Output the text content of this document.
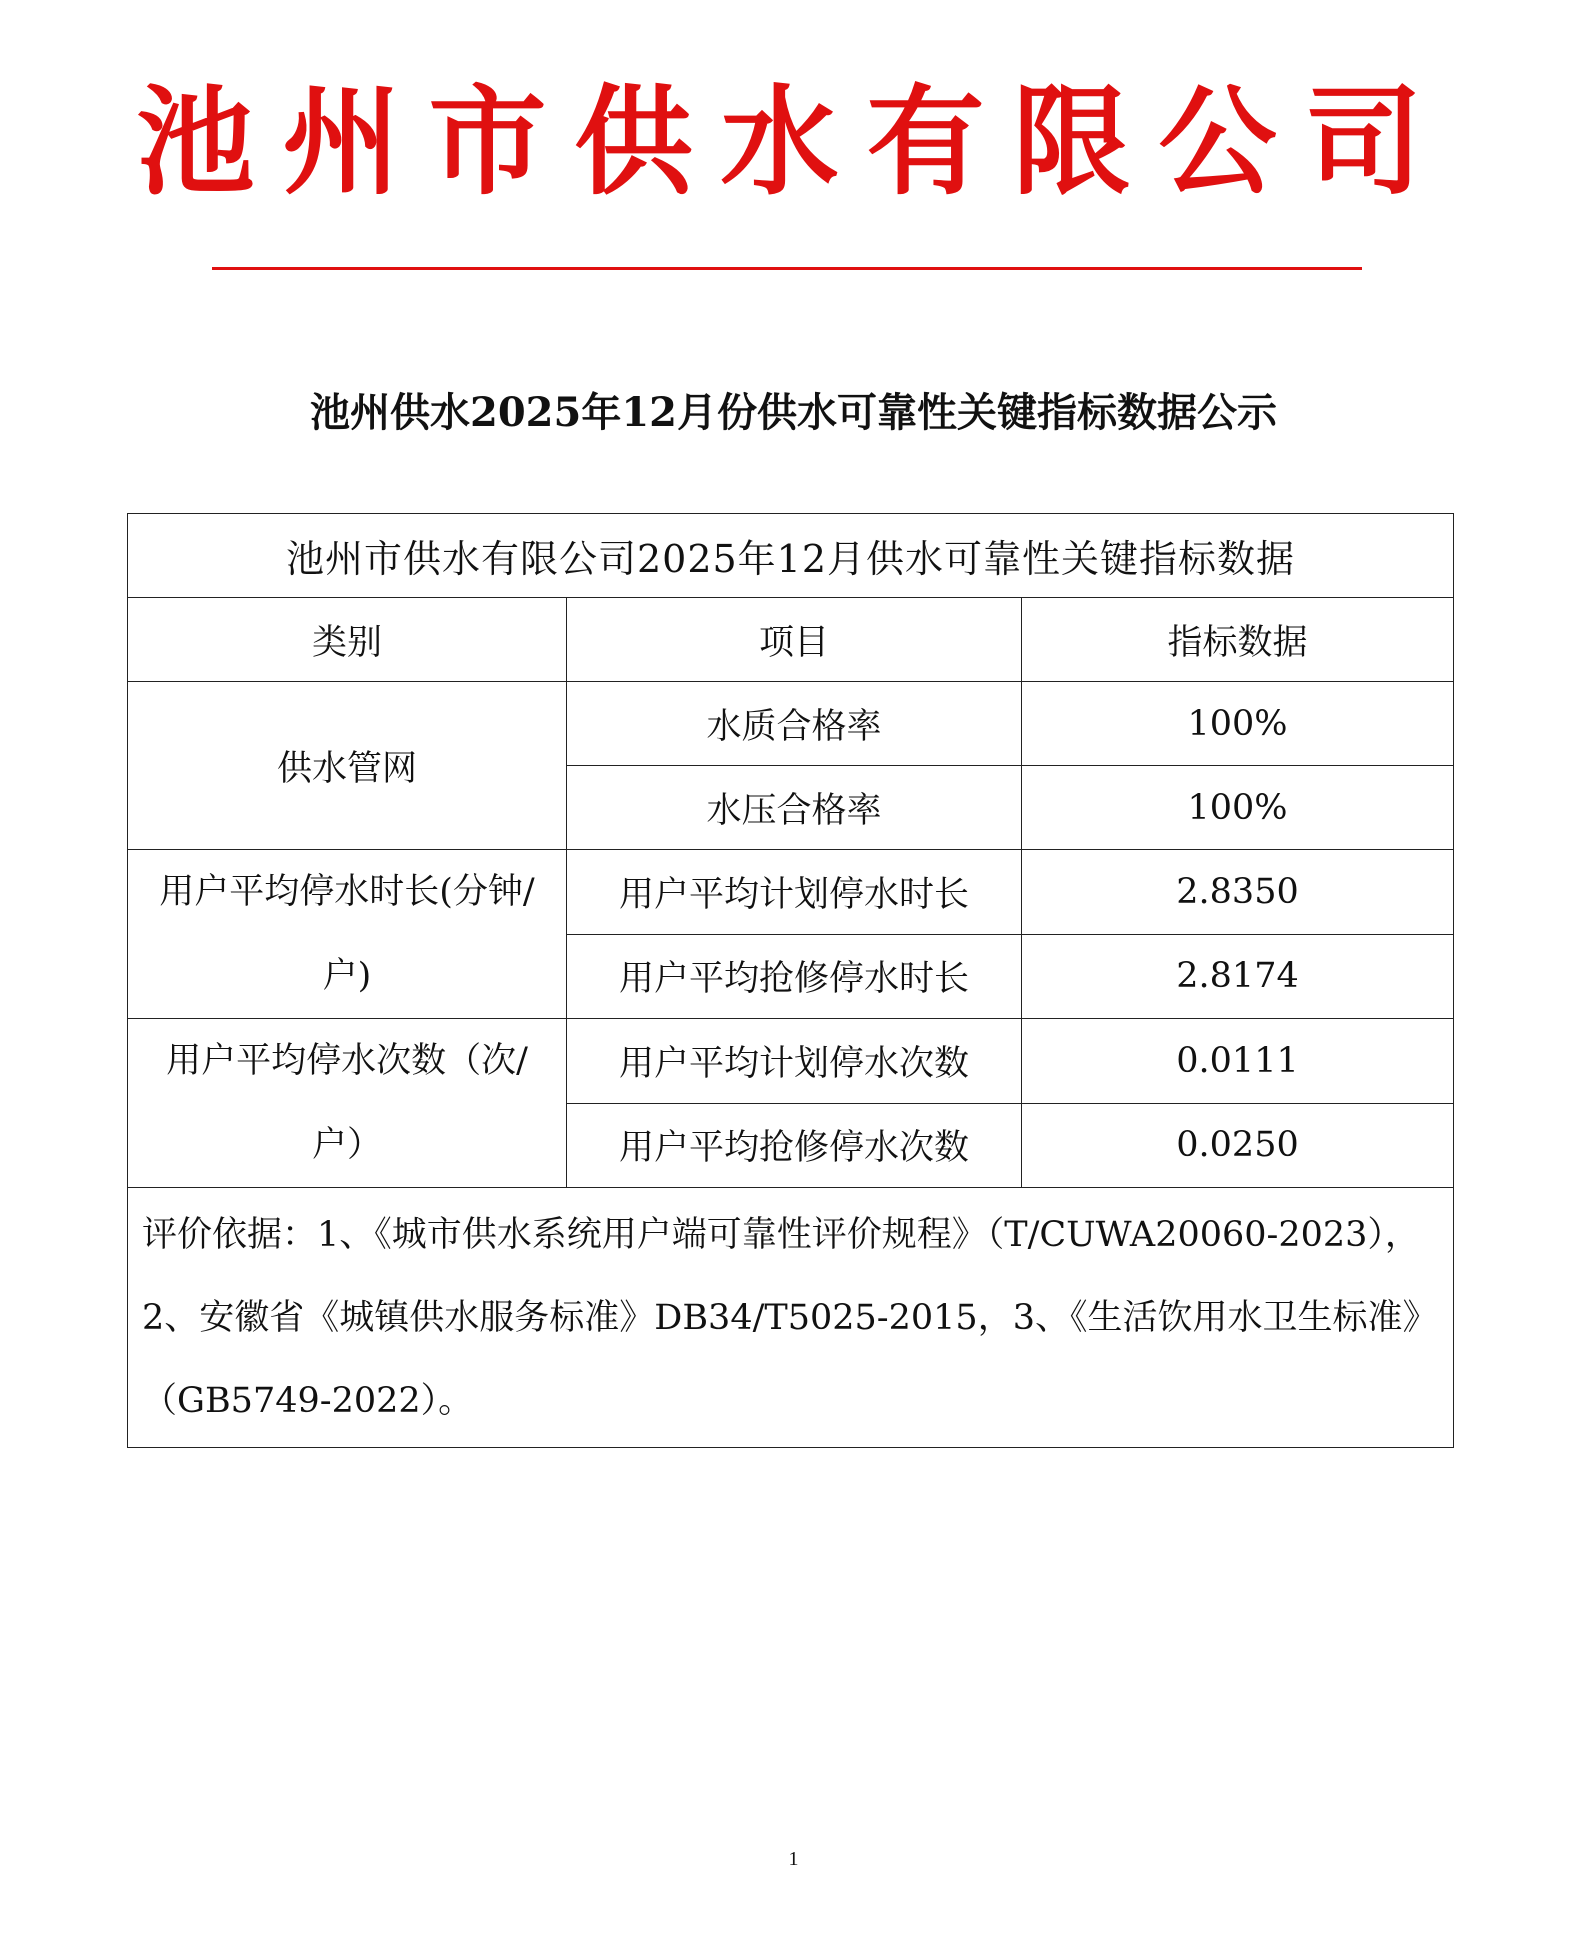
池州市供水有限公司
池州供水2025年12月份供水可靠性关键指标数据公示
池州市供水有限公司2025年12月供水可靠性关键指标数据		
类别	项目	指标数据
供水管网	水质合格率	100%
	水压合格率	100%
用户平均停水时长(分钟/户)	用户平均计划停水时长	2.8350
	用户平均抢修停水时长	2.8174
用户平均停水次数（次/户）	用户平均计划停水次数	0.0111
	用户平均抢修停水次数	0.0250
评价依据：1、《城市供水系统用户端可靠性评价规程》（T/CUWA20060-2023），2、安徽省《城镇供水服务标准》DB34/T5025-2015，3、《生活饮用水卫生标准》（GB5749-2022）。		
1
